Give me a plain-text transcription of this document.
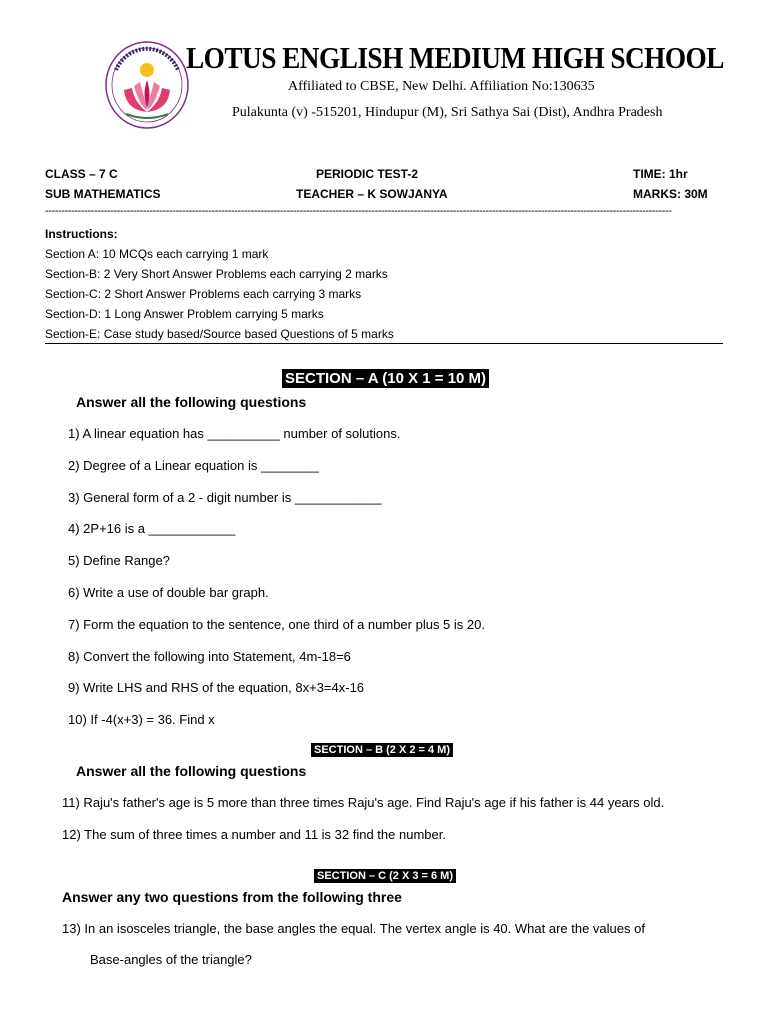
LOTUS ENGLISH MEDIUM HIGH SCHOOL
Affiliated to CBSE, New Delhi. Affiliation No:130635
Pulakunta (v) -515201, Hindupur (M), Sri Sathya Sai (Dist), Andhra Pradesh
CLASS – 7 C
SUB MATHEMATICS
PERIODIC TEST-2
TEACHER – K SOWJANYA
TIME: 1hr
MARKS: 30M
------------------------------------------------------------------------------------------------------------------------------------------------------------------------------------------------
Instructions:
Section A: 10 MCQs each carrying 1 mark
Section-B: 2 Very Short Answer Problems each carrying 2 marks
Section-C: 2 Short Answer Problems each carrying 3 marks
Section-D: 1 Long Answer Problem carrying 5 marks
Section-E: Case study based/Source based Questions of 5 marks
SECTION – A (10 X 1 = 10 M)
Answer all the following questions
1) A linear equation has __________ number of solutions.
2) Degree of a Linear equation is ________
3) General form of a 2 - digit number is ____________
4) 2P+16 is a ____________
5) Define Range?
6) Write a use of double bar graph.
7) Form the equation to the sentence, one third of a number plus 5 is 20.
8) Convert the following into Statement, 4m-18=6
9) Write LHS and RHS of the equation, 8x+3=4x-16
10) If -4(x+3) = 36. Find x
SECTION – B (2 X 2 = 4 M)
Answer all the following questions
11) Raju's father's age is 5 more than three times Raju's age. Find Raju's age if his father is 44 years old.
12) The sum of three times a number and 11 is 32 find the number.
SECTION – C (2 X 3 = 6 M)
Answer any two questions from the following three
13) In an isosceles triangle, the base angles the equal. The vertex angle is 40. What are the values of
Base-angles of the triangle?
